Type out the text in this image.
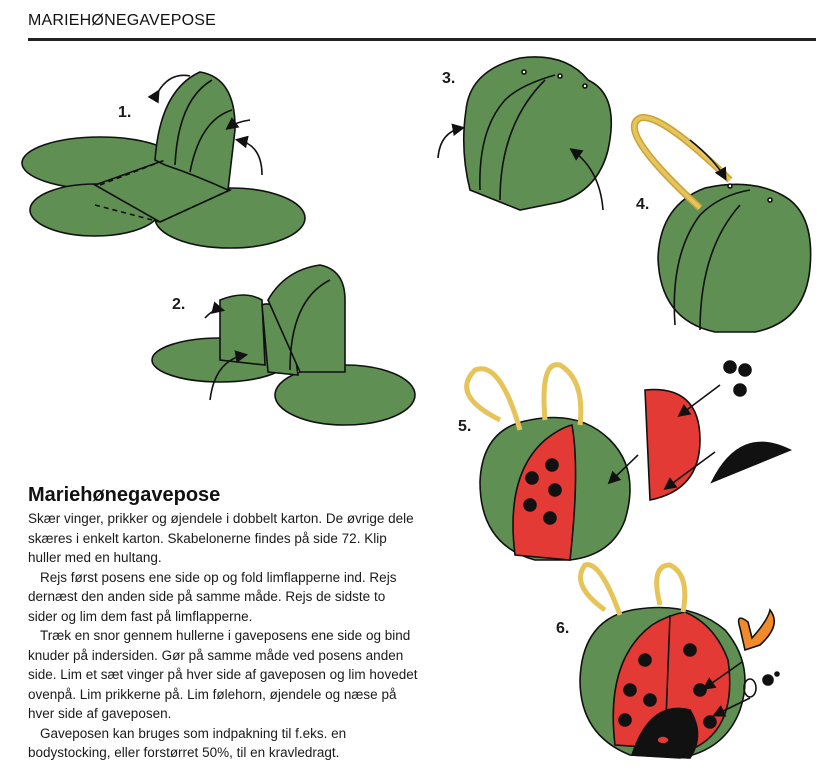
MARIEHØNEGAVEPOSE
1.
2.
3.
4.
5.
6.
Mariehønegavepose

Skær vinger, prikker og øjendele i dobbelt karton. De øvrige dele skæres i enkelt karton. Skabelonerne findes på side 72. Klip huller med en hultang.

Rejs først posens ene side op og fold limflapperne ind. Rejs dernæst den anden side på samme måde. Rejs de sidste to sider og lim dem fast på limflapperne.

Træk en snor gennem hullerne i gaveposens ene side og bind knuder på indersiden. Gør på samme måde ved posens anden side. Lim et sæt vinger på hver side af gaveposen og lim hovedet ovenpå. Lim prikkerne på. Lim følehorn, øjendele og næse på hver side af gaveposen.

Gaveposen kan bruges som indpakning til f.eks. en bodystocking, eller forstørret 50%, til en kravledragt.
